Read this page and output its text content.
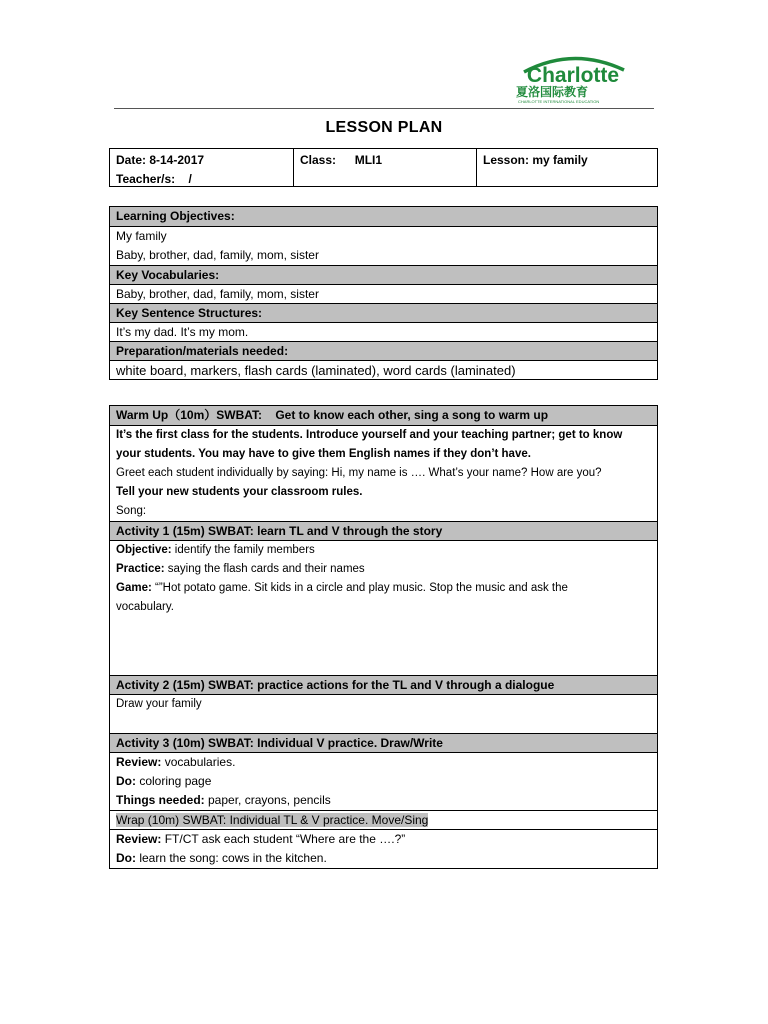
Charlotte
夏洛国际教育
CHARLOTTE INTERNATIONAL EDUCATION
LESSON PLAN
Date: 8-14-2017
Teacher/s:    /
Class: MLI1	Lesson: my family
Learning Objectives:
My family
Baby, brother, dad, family, mom, sister
Key Vocabularies:
Baby, brother, dad, family, mom, sister
Key Sentence Structures:
It’s my dad. It’s my mom.
Preparation/materials needed:
white board, markers, flash cards (laminated), word cards (laminated)
Warm Up（10m）SWBAT:    Get to know each other, sing a song to warm up
It’s the first class for the students. Introduce yourself and your teaching partner; get to know
your students. You may have to give them English names if they don’t have.
Greet each student individually by saying: Hi, my name is …. What’s your name? How are you?
Tell your new students your classroom rules.
Song:
Activity 1 (15m) SWBAT: learn TL and V through the story
Objective: identify the family members
Practice: saying the flash cards and their names
Game: “”Hot potato game. Sit kids in a circle and play music. Stop the music and ask the
vocabulary.
Activity 2 (15m) SWBAT: practice actions for the TL and V through a dialogue
Draw your family
Activity 3 (10m) SWBAT: Individual V practice. Draw/Write
Review: vocabularies.
Do: coloring page
Things needed: paper, crayons, pencils
Wrap (10m) SWBAT: Individual TL & V practice. Move/Sing
Review: FT/CT ask each student “Where are the ….?”
Do: learn the song: cows in the kitchen.
